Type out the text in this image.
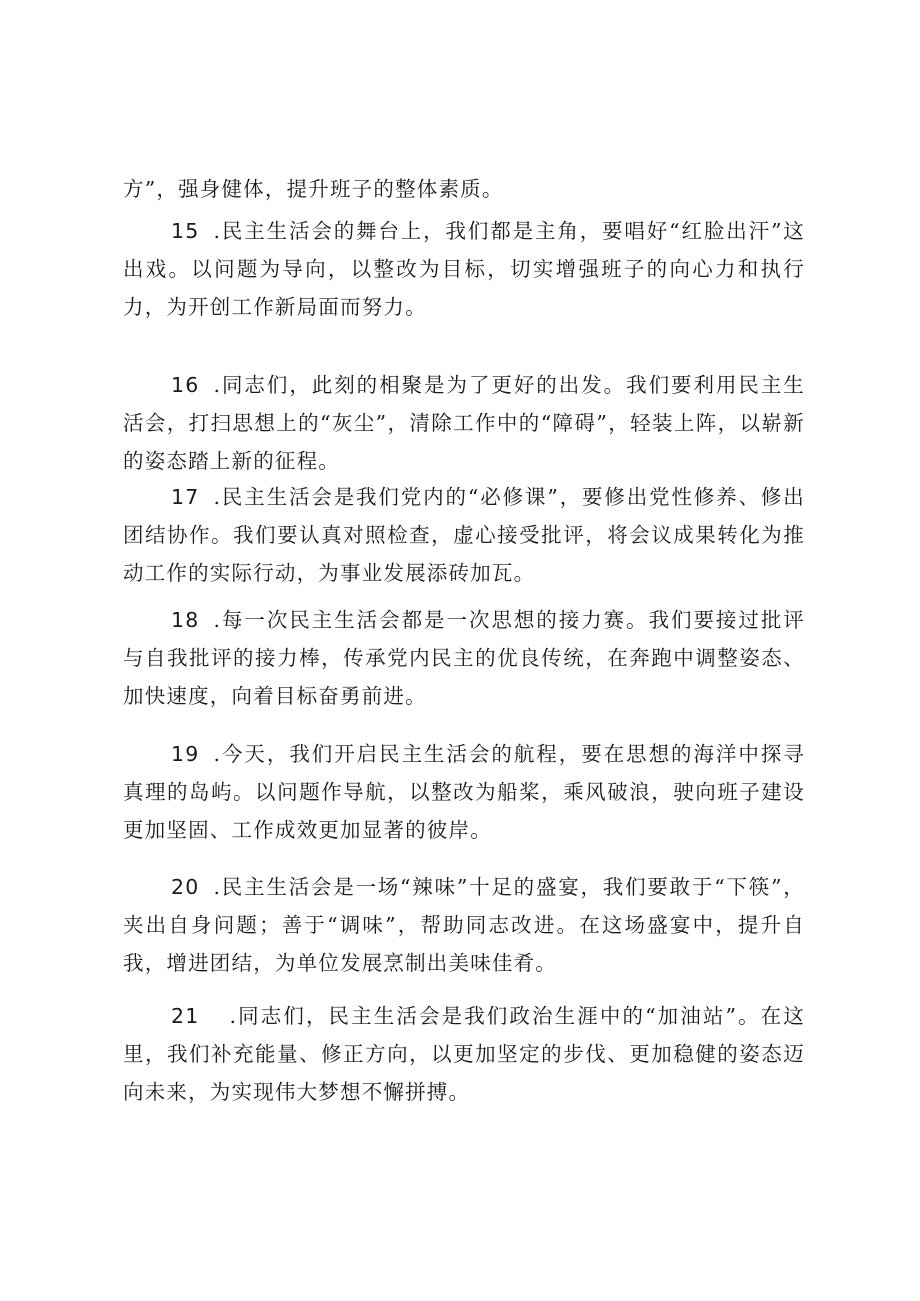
方”，强身健体，提升班子的整体素质。

15 .民主生活会的舞台上，我们都是主角，要唱好“红脸出汗”这出戏。以问题为导向，以整改为目标，切实增强班子的向心力和执行力，为开创工作新局面而努力。

16 .同志们，此刻的相聚是为了更好的出发。我们要利用民主生活会，打扫思想上的“灰尘”，清除工作中的“障碍”，轻装上阵，以崭新的姿态踏上新的征程。

17 .民主生活会是我们党内的“必修课”，要修出党性修养、修出团结协作。我们要认真对照检查，虚心接受批评，将会议成果转化为推动工作的实际行动，为事业发展添砖加瓦。

18 .每一次民主生活会都是一次思想的接力赛。我们要接过批评与自我批评的接力棒，传承党内民主的优良传统，在奔跑中调整姿态、加快速度，向着目标奋勇前进。

19 .今天，我们开启民主生活会的航程，要在思想的海洋中探寻真理的岛屿。以问题作导航，以整改为船桨，乘风破浪，驶向班子建设更加坚固、工作成效更加显著的彼岸。

20 .民主生活会是一场“辣味”十足的盛宴，我们要敢于“下筷”，夹出自身问题；善于“调味”，帮助同志改进。在这场盛宴中，提升自我，增进团结，为单位发展烹制出美味佳肴。

21 .同志们，民主生活会是我们政治生涯中的“加油站”。在这里，我们补充能量、修正方向，以更加坚定的步伐、更加稳健的姿态迈向未来，为实现伟大梦想不懈拼搏。
